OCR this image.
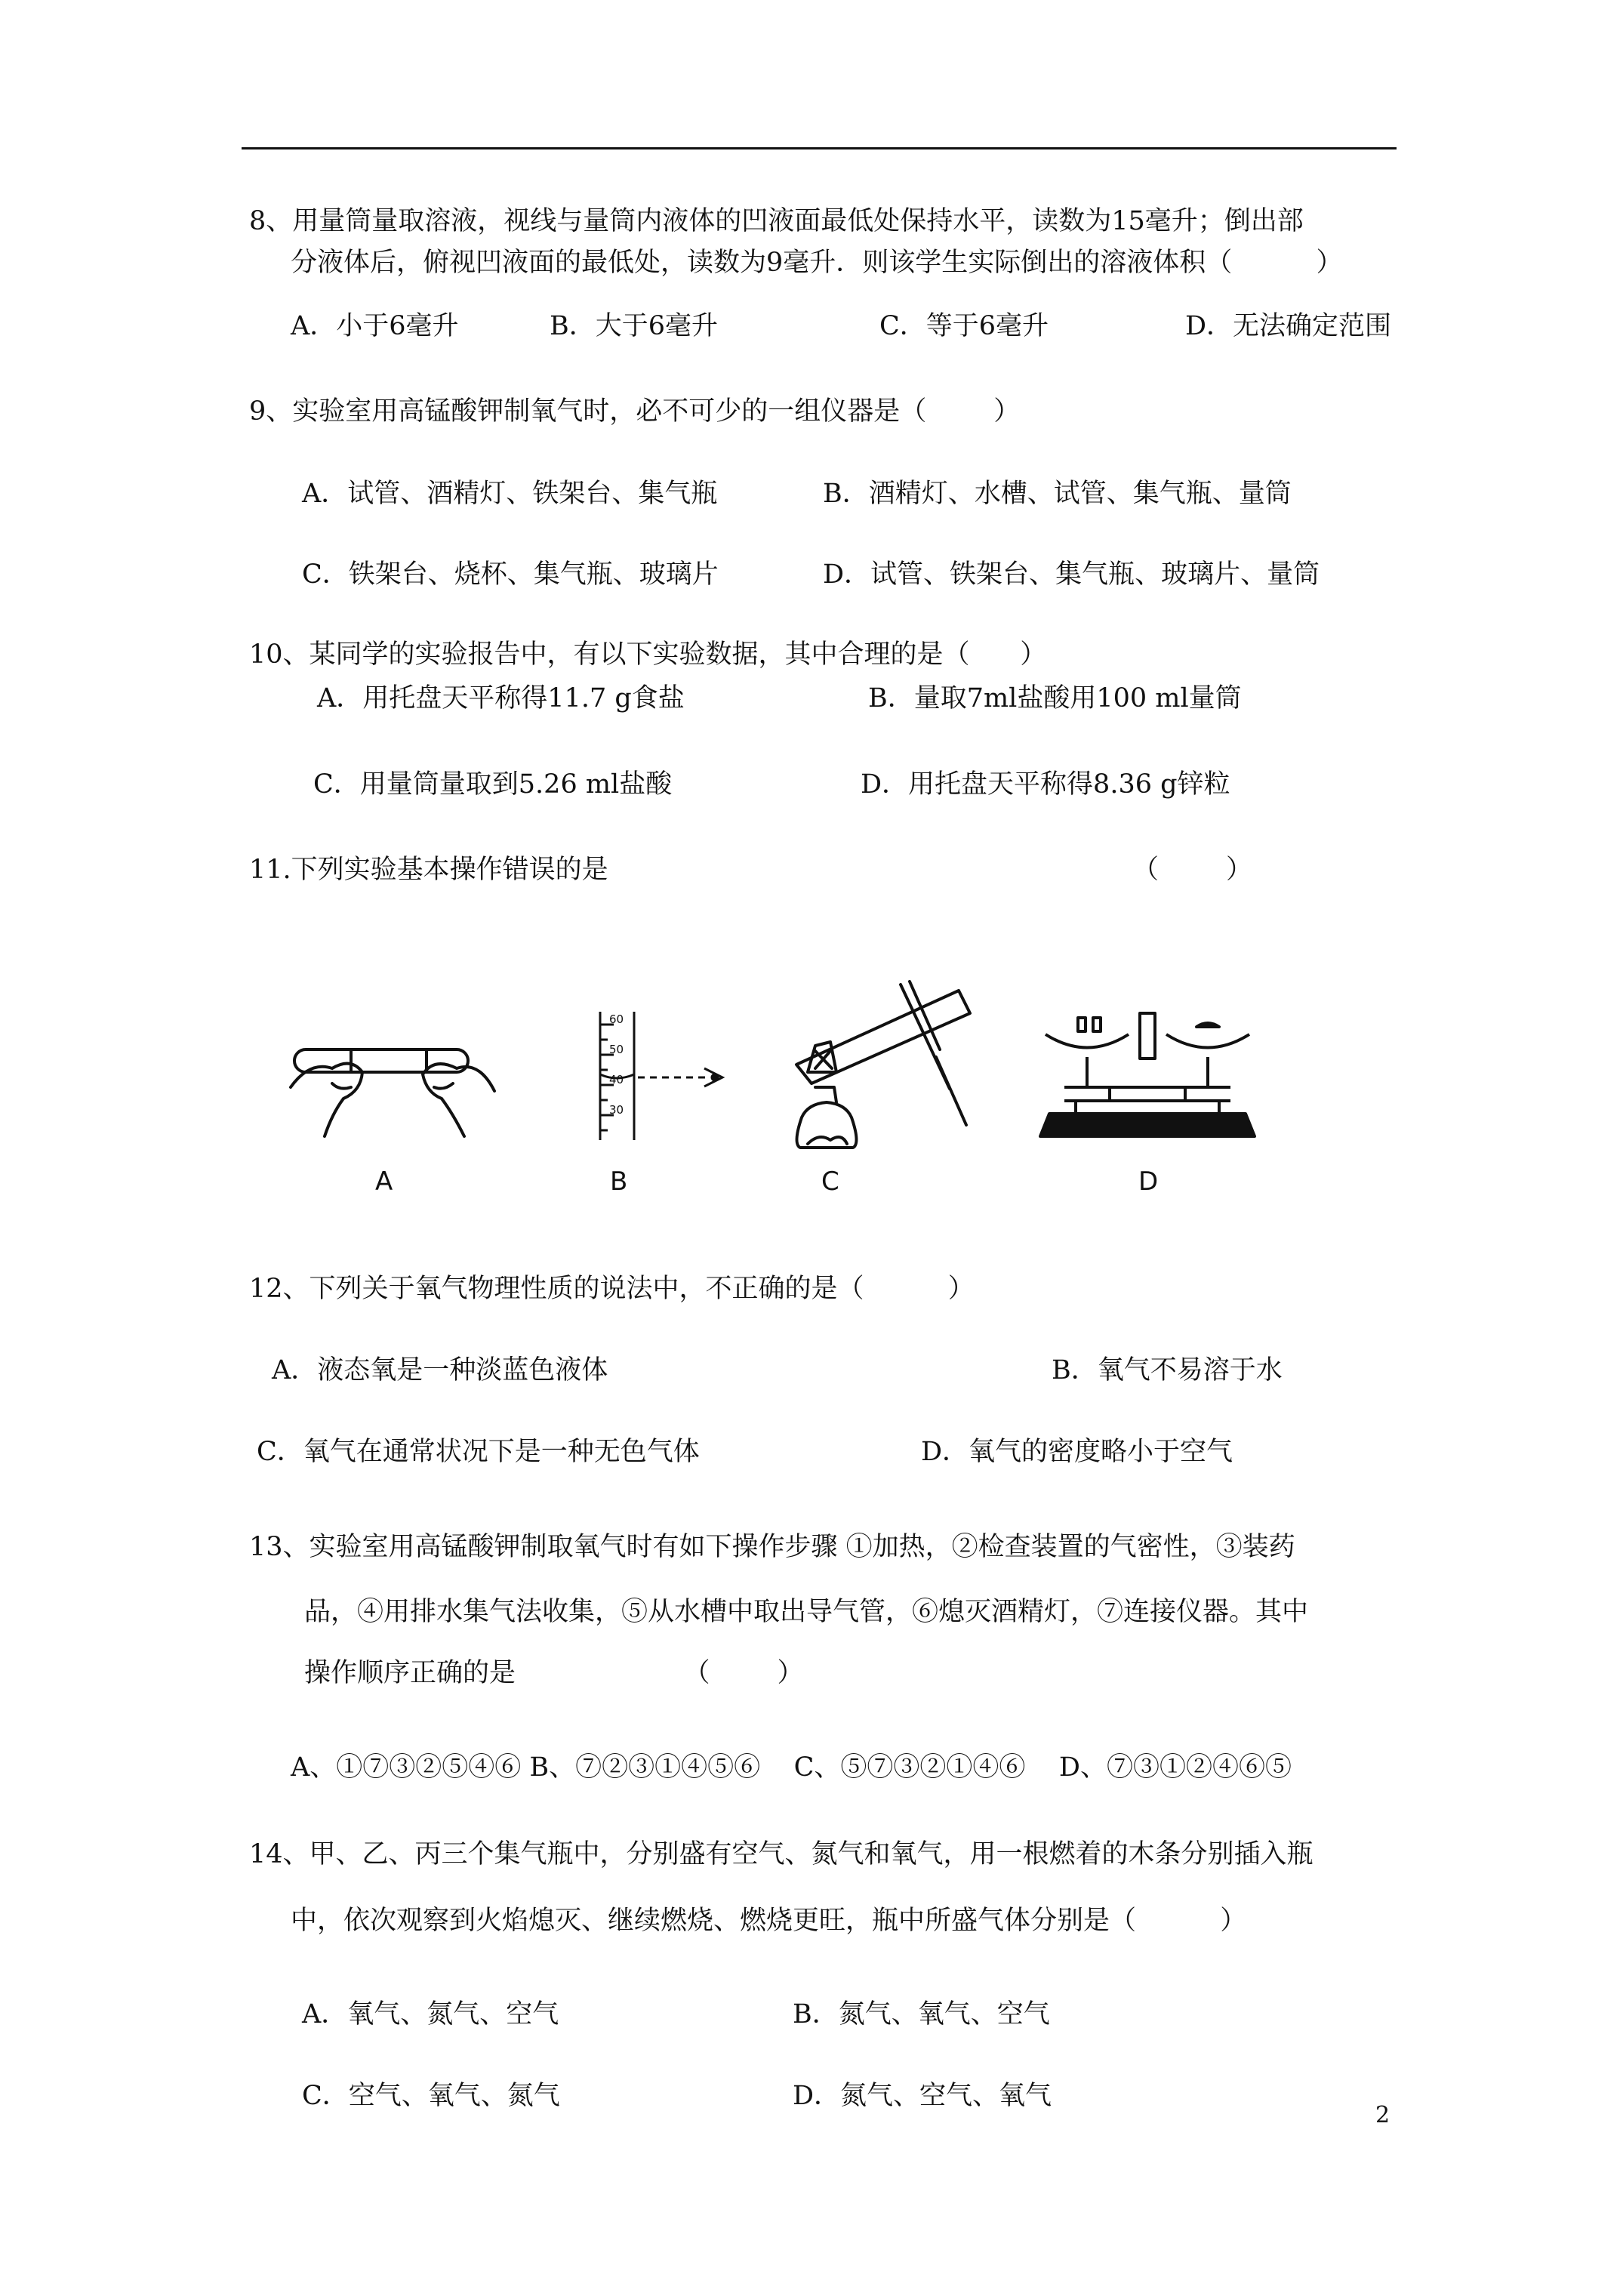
8、用量筒量取溶液，视线与量筒内液体的凹液面最低处保持水平，读数为15毫升；倒出部
分液体后，俯视凹液面的最低处，读数为9毫升．则该学生实际倒出的溶液体积（          ）
A．小于6毫升	B．大于6毫升	C．等于6毫升	D．无法确定范围
9、实验室用高锰酸钾制氧气时，必不可少的一组仪器是（        ）
A．试管、酒精灯、铁架台、集气瓶	B．酒精灯、水槽、试管、集气瓶、量筒
C．铁架台、烧杯、集气瓶、玻璃片	D．试管、铁架台、集气瓶、玻璃片、量筒
10、某同学的实验报告中，有以下实验数据，其中合理的是（      ）
A．用托盘天平称得11.7 g食盐	B．量取7ml盐酸用100 ml量筒
C．用量筒量取到5.26 ml盐酸	D．用托盘天平称得8.36 g锌粒
11.下列实验基本操作错误的是	（        ）
A
60
50
40
30
B	C	D
12、下列关于氧气物理性质的说法中，不正确的是（          ）
A．液态氧是一种淡蓝色液体	B．氧气不易溶于水
C．氧气在通常状况下是一种无色气体	D．氧气的密度略小于空气
13、实验室用高锰酸钾制取氧气时有如下操作步骤 ①加热，②检查装置的气密性，③装药
品，④用排水集气法收集，⑤从水槽中取出导气管，⑥熄灭酒精灯，⑦连接仪器。其中
操作顺序正确的是                    （        ）
A、①⑦③②⑤④⑥ B、⑦②③①④⑤⑥    C、⑤⑦③②①④⑥    D、⑦③①②④⑥⑤
14、甲、乙、丙三个集气瓶中，分别盛有空气、氮气和氧气，用一根燃着的木条分别插入瓶
中，依次观察到火焰熄灭、继续燃烧、燃烧更旺，瓶中所盛气体分别是（          ）
A．氧气、氮气、空气	B．氮气、氧气、空气
C．空气、氧气、氮气	D．氮气、空气、氧气
2
